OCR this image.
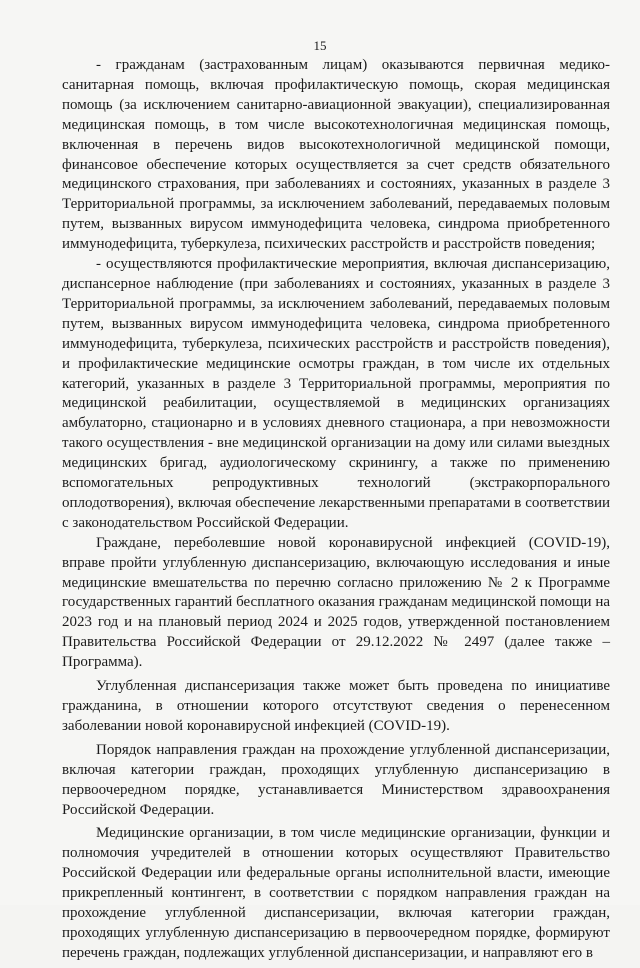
15

- гражданам (застрахованным лицам) оказываются первичная медико-санитарная помощь, включая профилактическую помощь, скорая медицинская помощь (за исключением санитарно-авиационной эвакуации), специализированная медицинская помощь, в том числе высокотехнологичная медицинская помощь, включенная в перечень видов высокотехнологичной медицинской помощи, финансовое обеспечение которых осуществляется за счет средств обязательного медицинского страхования, при заболеваниях и состояниях, указанных в разделе 3 Территориальной программы, за исключением заболеваний, передаваемых половым путем, вызванных вирусом иммунодефицита человека, синдрома приобретенного иммунодефицита, туберкулеза, психических расстройств и расстройств поведения;

- осуществляются профилактические мероприятия, включая диспансеризацию, диспансерное наблюдение (при заболеваниях и состояниях, указанных в разделе 3 Территориальной программы, за исключением заболеваний, передаваемых половым путем, вызванных вирусом иммунодефицита человека, синдрома приобретенного иммунодефицита, туберкулеза, психических расстройств и расстройств поведения), и профилактические медицинские осмотры граждан, в том числе их отдельных категорий, указанных в разделе 3 Территориальной программы, мероприятия по медицинской реабилитации, осуществляемой в медицинских организациях амбулаторно, стационарно и в условиях дневного стационара, а при невозможности такого осуществления - вне медицинской организации на дому или силами выездных медицинских бригад, аудиологическому скринингу, а также по применению вспомогательных репродуктивных технологий (экстракорпорального оплодотворения), включая обеспечение лекарственными препаратами в соответствии с законодательством Российской Федерации.

Граждане, переболевшие новой коронавирусной инфекцией (COVID-19), вправе пройти углубленную диспансеризацию, включающую исследования и иные медицинские вмешательства по перечню согласно приложению № 2 к Программе государственных гарантий бесплатного оказания гражданам медицинской помощи на 2023 год и на плановый период 2024 и 2025 годов, утвержденной постановлением Правительства Российской Федерации от 29.12.2022 № 2497 (далее также – Программа).

Углубленная диспансеризация также может быть проведена по инициативе гражданина, в отношении которого отсутствуют сведения о перенесенном заболевании новой коронавирусной инфекцией (COVID-19).

Порядок направления граждан на прохождение углубленной диспансеризации, включая категории граждан, проходящих углубленную диспансеризацию в первоочередном порядке, устанавливается Министерством здравоохранения Российской Федерации.

Медицинские организации, в том числе медицинские организации, функции и полномочия учредителей в отношении которых осуществляют Правительство Российской Федерации или федеральные органы исполнительной власти, имеющие прикрепленный контингент, в соответствии с порядком направления граждан на прохождение углубленной диспансеризации, включая категории граждан, проходящих углубленную диспансеризацию в первоочередном порядке, формируют перечень граждан, подлежащих углубленной диспансеризации, и направляют его в
